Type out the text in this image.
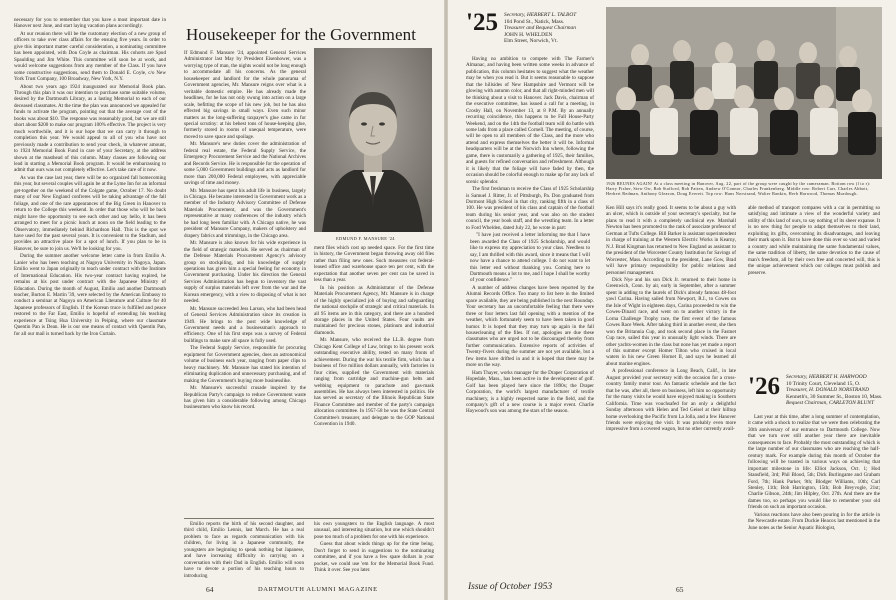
necessary for you to remember that you have a most important date in Hanover next June, and start laying vacation plans accordingly.

At our reunion there will be the customary election of a new group of officers to take over class affairs for the ensuing five years. In order to give this important matter careful consideration, a nominating committee has been appointed, with Don Coyle as chairman. His cohorts are Spud Spaulding and Jim White. This committee will soon be at work, and would welcome suggestions from any member of the Class. If you have some constructive suggestions, send them to Donald E. Coyle, c/o New York Trust Company, 100 Broadway, New York, N.Y.

About two years ago 1924 inaugurated our Memorial Book plan. Through this plan it was our intention to purchase some suitable volume, desired by the Dartmouth Library, as a lasting Memorial to each of our deceased classmates. At the time the plan was announced we appealed for funds to activate the program, pointing out that the average cost of the books was about $10. The response was reasonably good, but we are still short about $200 to make our program 100% effective. The project is very much worthwhile, and it is our hope that we can carry it through to completion this year. We would appeal to all of you who have not previously made a contribution to send your check, in whatever amount, to 1924 Memorial Book Fund in care of your Secretary, at the address shown at the masthead of this column. Many classes are following our lead in starting a Memorial Book program. It would be embarrassing to admit that ours was not completely effective. Let's take care of it now.

As was the case last year, there will be no organized fall homecoming this year, but several couples will again be at the Lyme Inn for an informal get-together on the weekend of the Colgate game, October 17. No doubt many of our New England confreres will be taking advantage of the fall foliage, and one of the rare appearances of the Big Green in Hanover to return to the College this weekend. In order that those who will be back might have the opportunity to see each other and say hello, it has been arranged to meet for a picnic lunch at noon on the field leading to the Observatory, immediately behind Richardson Hall. This is the spot we have used for the past several years. It is convenient to the Stadium, and provides an attractive place for a spot of lunch. If you plan to be in Hanover, be sure to join us. We'll be looking for you.

During the summer another welcome letter came in from Emilio A. Lanier who has been teaching at Nagoya University in Nagoya, Japan. Emilio went to Japan originally to teach under contract with the Institute of International Education. His two-year contract having expired, he remains at his post under contract with the Japanese Ministry of Education. During the month of August, Emilio and another Dartmouth teacher, Burton E. Martin '39, were selected by the American Embassy to conduct a seminar at Nagoya on American Literature and Culture for 40 Japanese professors of English. If the Korean truce is fulfilled and peace restored to the Far East, Emilio is hopeful of extending his teaching experience at Tsing Hua University in Peiping, where our classmate Quentin Pan is Dean. He is our one means of contact with Quentin Pan, for all our mail is turned back by the Iron Curtain.

Housekeeper for the Government

If Edmund F. Mansure '24, appointed General Services Administrator last May by President Eisenhower, was a worrying type of man, the nights would not be long enough to accommodate all his concerns. As the general housekeeper and landlord for the whole panorama of Government agencies, Mr. Mansure reigns over what is a veritable domestic empire. He has already made the headlines, for he has not only swung into action on a large scale, befitting the scope of his new job, but he has also effected big savings in small ways. Even such minor matters as the long-suffering taxpayer's glue came in for special scrutiny: at his behest tons of house-keeping glue, formerly stored in rooms of unequal temperature, were moved to save space and spoilage.

Mr. Mansure's new duties cover the administration of federal real estate, the Federal Supply Service, the Emergency Procurement Service and the National Archives and Records Service. He is responsible for the operation of some 5,000 Government buildings and acts as landlord for more than 200,000 Federal employees, with appreciable savings of time and money.

Mr. Mansure has spent his adult life in business, largely in Chicago. He became interested in Government work as a member of the Industry Advisory Committee of Defense Materials Procurement, and was the Government's representative at many conferences of the industry which he had long been familiar with. A Chicago native, he was president of Mansure Company, makers of upholstery and drapery fabrics and trimmings, in the Chicago area.

Mr. Mansure is also known for his wide experience in the field of strategic materials. He served as chairman of the Defense Materials Procurement Agency's advisory group on stockpiling, and his knowledge of supply operations has given him a special feeling for economy in Government purchasing. Under his direction the General Services Administration has begun to inventory the vast supply of surplus materials left over from the war and the Korean emergency, with a view to disposing of what is not needed.

Mr. Mansure succeeded Jess Larson, who had been head of General Services Administration since its creation in 1949. He brings to the post wide knowledge of Government needs and a businessman's approach to efficiency. One of his first steps was a survey of Federal buildings to make sure all space is fully used.

The Federal Supply Service, responsible for procuring equipment for Government agencies, does an astronomical volume of business each year, ranging from paper clips to heavy machinery. Mr. Mansure has stated his intention of eliminating duplication and unnecessary purchasing, and of making the Government's buying more businesslike.

Mr. Mansure's successful crusade inspired by the Republican Party's campaign to reduce Government waste has given him a considerable following among Chicago businessmen who know his record.

EDMUND F. MANSURE '24

ment files which cost up needed space. For the first time in history, the Government began throwing away old files rather than filing new ones. Such measures cut federal-leased office and warehouse space ten per cent, with the expectation that another seven per cent can be saved in less than a year.

In his position as Administrator of the Defense Materials Procurement Agency, Mr. Mansure is in charge of the highly specialized job of buying and safeguarding the national stockpile of strategic and critical materials. In all 95 items are in this category, and there are a hundred storage places in the United States. Four vaults are maintained for precious stones, platinum and industrial diamonds.

Mr. Mansure, who received the LL.B. degree from Chicago Kent College of Law, brings to his present work outstanding executive ability, tested on many fronts of achievement. During the war his textile firm, which has a business of five million dollars annually, with factories in four cities, supplied the Government with materials ranging from cartridge and machine-gun belts and webbing equipment to parachute and gas-mask assemblies. He has always been interested in politics. He has served as secretary of the Illinois Republican State Finance Committee and member of the party's campaign allocation committee. In 1957-58 he was the State Central Committee's treasurer, and delegate to the GOP National Convention in 1940.

Emilio reports the birth of his second daughter, and third child, Emilio Lennis, last March. He has a real problem to face as regards communication with his children, for living in a Japanese community, the youngsters are beginning to speak nothing but Japanese, and have increasing difficulty in carrying on a conversation with their Dad in English. Emilio will soon have to devote a portion of his teaching hours to introducing

his own youngsters to the English language. A most unusual, and interesting situation, but one which shouldn't pose too much of a problem for one with his experience.

Guess that about winds things up for the time being. Don't forget to send in suggestions to the nominating committee, and if you have a few spare dollars in your pocket, we could use 'em for the Memorial Book Fund. Think it over. See you later.

64	DARTMOUTH ALUMNI MAGAZINE
'25 Secretary, HERBERT L. TALBOT
104 Pond St., Natick, Mass.
Treasurer and Bequest Chairman
JOHN H. WHELDEN
Elm Street, Norwich, Vt.

Having no ambition to compete with The Farmer's Almanac, and having been written some weeks in advance of publication, this column hesitates to suggest what the weather may be when you read it. But it seems reasonable to suppose that the hillsides of New Hampshire and Vermont will be glowing with autumn color, and that all right-minded men will be thinking about a visit to Hanover. Jack Davis, chairman of the executive committee, has issued a call for a meeting, in Crosby Hall, on November 13, at 8 P.M. By an annually recurring coincidence, this happens to be Fall House-Party Weekend, and on the 14th the football team will do battle with some lads from a place called Cornell. The meeting, of course, will be open to all members of the Class, and the more who attend and express themselves the better it will be. Informal headquarters will be at the Norwich Inn where, following the game, there is customarily a gathering of 1925, their families, and guests for refined conversation and refreshment. Although it is likely that the foliage will have faded by then, the occasion should be colorful enough to make up for any lack of scenic splendor.

The first freshman to receive the Class of 1925 Scholarship is Samuel J. Ritter, Jr. of Pittsburgh, Pa. Don graduated from Dormont High School in that city, ranking fifth in a class of 100. He was president of his class and captain of the football team during his senior year, and was also on the student council, the year book staff, and the wrestling team. In a letter to Ford Whelden, dated July 22, he wrote in part:

"I have just received a letter informing me that I have been awarded the Class of 1925 Scholarship, and would like to express my appreciation to your class. Needless to say, I am thrilled with this award, since it means that I will now have a chance to attend college. I do not want to let this letter end without thanking you. Coming here to Dartmouth means a lot to me, and I hope I shall be worthy of your confidence."

A number of address changes have been reported by the Alumni Records Office. Too many to list here in the limited space available, they are being published in the next Roundup. Your secretary has an uncomfortable feeling that there were three or four letters last fall opening with a mention of the weather, which fortunately seem to have been taken in good humor. It is hoped that they may turn up again in the fall housecleaning of the files. If not, apologies are due these classmates who are urged not to be discouraged thereby from further communication. Extensive reports of activities of Twenty-fivers during the summer are not yet available, but a few items have drifted in and it is hoped that there may be more on the way.

Ham Thayer, works manager for the Draper Corporation of Hopedale, Mass., has been active in the development of golf. Golf has been played here since the 1890s; the Draper Corporation, the world's largest manufacturer of textile machinery, is a highly respected name in the field, and the company's gift of a new course is a major event. Charlie Haywood's son was among the stars of the season.

1926 REUNES AGAIN! At a class meeting in Hanover, Aug. 22, part of the group were caught by the cameraman. Bottom row (l to r): Harry Fisher, Stew Orr, Bob Stafford, Bob Patten, Andrew O'Connor, Charles Frankenberg. Middle row: Robert Carr, Charles Abbott, Herbert Redman, Anthony Gleason, Doug Everett. Top row: Hans Norstrand, Walter Rankin, Herb Harwood, Thomas Murdough.

Ken Hill says it's really good. It seems to be about a guy with an ulcer, which is outside of your secretary's specialty, but he plans to read it with a completely unclinical eye. Marshall Newton has been promoted to the rank of associate professor of German at Tufts College. Bill Barker is assistant superintendent in charge of training at the Western Electric Works in Kearny, N.J. Brad Kingman has returned to New England as assistant to the president of the Worcester County Institution for Savings of Worcester, Mass. According to the president, Lane Gow, Brad will have primary responsibility for public relations and personnel management.

Dick Nye and his son Dick Jr. returned to their home in Greenwich, Conn. by air, early in September, after a summer spent in adding to the laurels of Dick's already famous 48-foot yawl Carina. Having sailed from Newport, R.I., to Cowes on the Isle of Wight in eighteen days, Carina proceeded to win the Cowes-Dinard race, and went on to another victory in the Lorna Challenge Trophy race, the first event of the famous Cowes Race Week. After taking third in another event, she then won the Britannia Cup, and took second place in the Fastnet Cup race, sailed this year in unusually light winds. There are other yachts-women in the class but none has yet made a report of this summer except Homer Tilton who cruised in local waters in his new Green Hornet II, and says he learned all about marine engines.

A professional conference in Long Beach, Calif., in late August provided your secretary with the occasion for a cross-country family motor tour. An fantastic schedule and the fact that he was, after all, there on business, left him no opportunity for the many visits he would have enjoyed making in Southern California. Time was vouchsafed for an only a delightful Sunday afternoon with Helen and Ted Geisel at their hilltop home overlooking the Pacific from La Jolla, and a few Hanover friends were enjoying the visit. It was probably even more impressive from a covered wagon, but no other currently avail-

able method of transport compares with a car in permitting so satisfying and intimate a view of the wonderful variety and utility of this land of ours, to say nothing of its sheer expanse. It is no new thing for people to adapt themselves to their land, exploiting its gifts, overcoming its disadvantages, and leaving their mark upon it. But to have done this over so vast and varied a country and while maintaining the same fundamental values, the same tradition of liberty, the same devotion to the cause of man's freedom, all by their own free and concerted will, this is the unique achievement which our colleges must publish and preserve.

'26 Secretary, HERBERT H. HARWOOD
10 Trinity Court, Cleveland 15, O.
Treasurer, H. DONALD NORSTRAND
Kenneth's, 30 Summer St., Boston 10, Mass.
Bequest Chairman, CARLETON BLUNT

Last year at this time, after a long summer of contemplation, it came with a shock to realize that we were then celebrating the 30th anniversary of our entrance to Dartmouth College. Now that we turn over still another year there are inevitable consequences to face. Probably the most outstanding of which is the large number of our classmates who are reaching the half-century mark. For example during this month of October the following will be toasted in various ways on achieving that important milestone in life: Elliot Jackson, Oct. 1; Hod Stansfield, 3rd; Phil Blood, 5th; Dick Burlingame and Graham Ford, 7th; Hank Parker, 9th; Blodger Williams, 10th; Carl Stenley, 11th; Bob Harrington, 15th; Bob Breyvogle, 21st; Charlie Gibson, 24th; Jim Hilpley, Oct. 27th. And there are the dames too, so perhaps you would like to remember your old friends on such an important occasion.

Various reactions have also been pouring in for the article in the Newcastle estate. From Duckie Heacox last mentioned in the June notes as the Senior Aquatic Biologist,

Issue of October 1953	65
